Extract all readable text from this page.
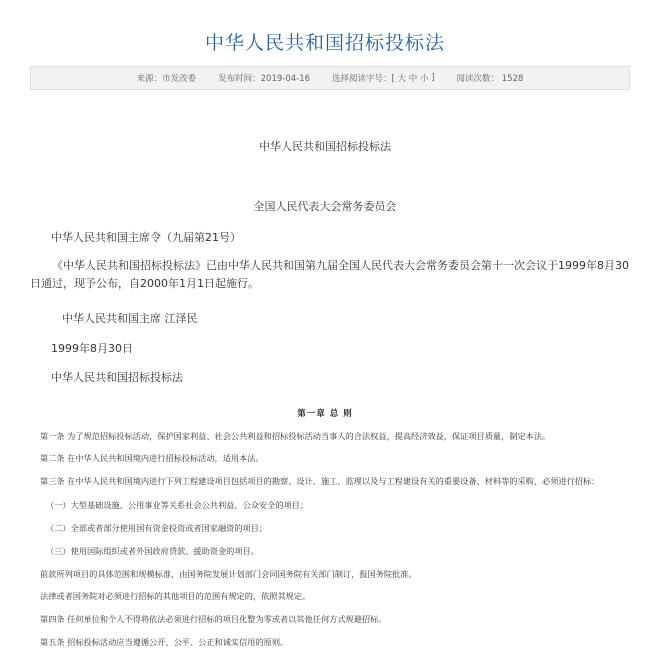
中华人民共和国招标投标法
来源：市发改委	发布时间：2019-04-16	选择阅读字号：[
大
中
小
]	阅读次数： 1528
中华人民共和国招标投标法
全国人民代表大会常务委员会
中华人民共和国主席令（九届第21号）
《中华人民共和国招标投标法》已由中华人民共和国第九届全国人民代表大会常务委员会第十一次会议于1999年8月30日通过，现予公布，自2000年1月1日起施行。
中华人民共和国主席 江泽民
1999年8月30日
中华人民共和国招标投标法
第一章 总 则
第一条 为了规范招标投标活动，保护国家利益、社会公共利益和招标投标活动当事人的合法权益，提高经济效益，保证项目质量，制定本法。
第二条 在中华人民共和国境内进行招标投标活动，适用本法。
第三条 在中华人民共和国境内进行下列工程建设项目包括项目的勘察、设计、施工、监理以及与工程建设有关的重要设备、材料等的采购，必须进行招标：
（一）大型基础设施、公用事业等关系社会公共利益、公众安全的项目；
（二）全部或者部分使用国有资金投资或者国家融资的项目；
（三）使用国际组织或者外国政府贷款、援助资金的项目。
前款所列项目的具体范围和规模标准，由国务院发展计划部门会同国务院有关部门制订，报国务院批准。
法律或者国务院对必须进行招标的其他项目的范围有规定的，依照其规定。
第四条 任何单位和个人不得将依法必须进行招标的项目化整为零或者以其他任何方式规避招标。
第五条 招标投标活动应当遵循公开、公平、公正和诚实信用的原则。
